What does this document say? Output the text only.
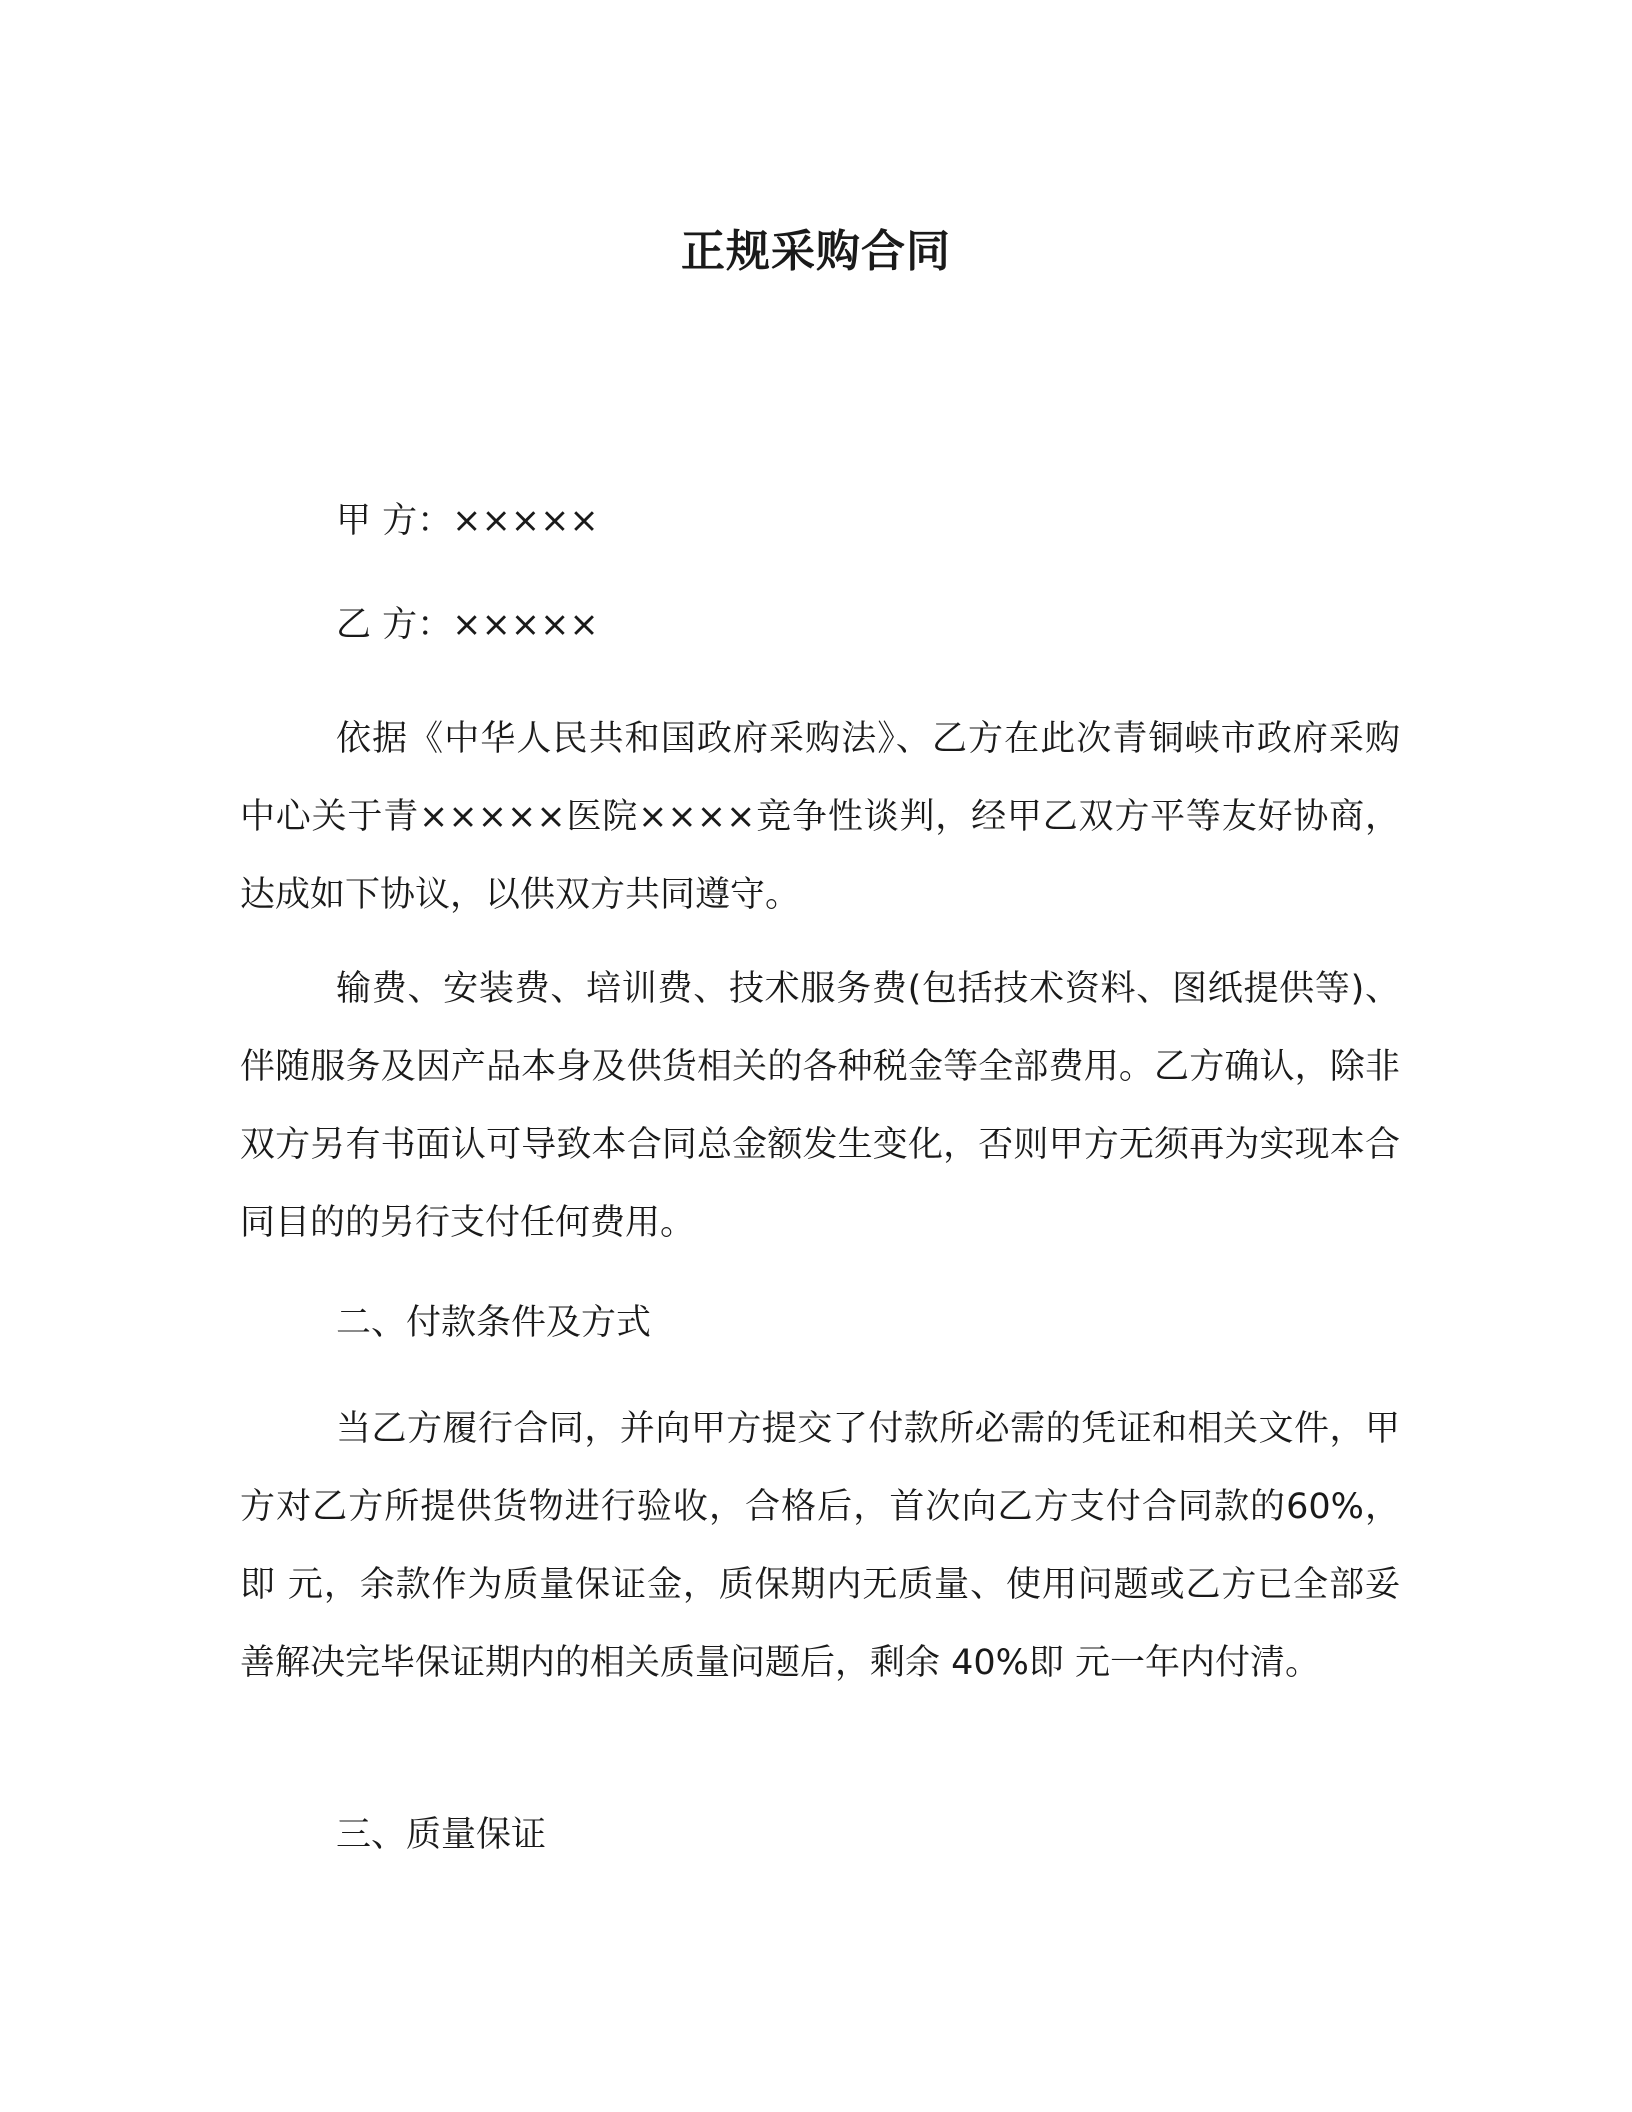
正规采购合同
甲 方：×××××
乙 方：×××××

依据《中华人民共和国政府采购法》、乙方在此次青铜峡市政府采购中心关于青×××××医院××××竞争性谈判，经甲乙双方平等友好协商，达成如下协议，以供双方共同遵守。

输费、安装费、培训费、技术服务费(包括技术资料、图纸提供等)、伴随服务及因产品本身及供货相关的各种税金等全部费用。乙方确认，除非双方另有书面认可导致本合同总金额发生变化，否则甲方无须再为实现本合同目的的另行支付任何费用。

二、付款条件及方式

当乙方履行合同，并向甲方提交了付款所必需的凭证和相关文件，甲方对乙方所提供货物进行验收，合格后，首次向乙方支付合同款的60%，即 元，余款作为质量保证金，质保期内无质量、使用问题或乙方已全部妥善解决完毕保证期内的相关质量问题后，剩余 40%即 元一年内付清。

三、质量保证
